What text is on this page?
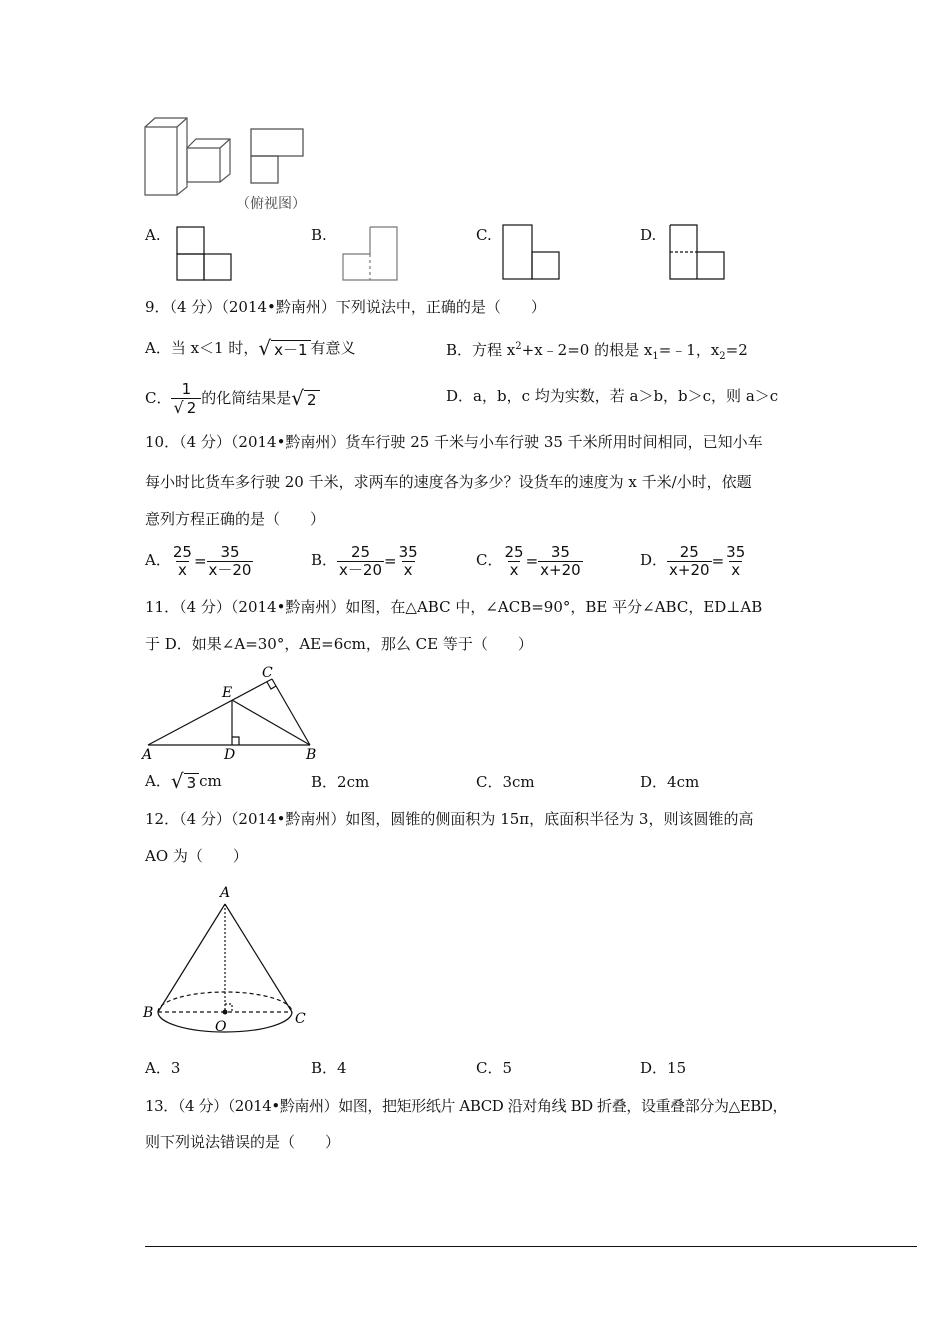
（俯视图）
A.	B.	C.	D.
9．（4 分）（2014•黔南州）下列说法中，正确的是（　　）
A．当 x＜1 时，√ x－1 有意义	B．方程 $x^2+x﹣2=0$ 的根是 $x_1=﹣1$，$x_2=2$
C． $\frac{1}{√ 2}$ 的化简结果是√ 2	D．a，b，c 均为实数，若 a＞b，b＞c，则 a＞c
10．（4 分）（2014•黔南州）货车行驶 25 千米与小车行驶 35 千米所用时间相同，已知小车
每小时比货车多行驶 20 千米，求两车的速度各为多少？设货车的速度为 x 千米/小时，依题
意列方程正确的是（　　）
A． $\frac{25}{x} = \frac{35}{x-20}$	B． $\frac{25}{x-20} = \frac{35}{x}$	C． $\frac{25}{x} = \frac{35}{x+20}$	D． $\frac{25}{x+20} = \frac{35}{x}$
11．（4 分）（2014•黔南州）如图，在△ABC 中，∠ACB=90°，BE 平分∠ABC，ED⊥AB
于 D．如果∠A=30°，AE=6cm，那么 CE 等于（　　）
A	D	B
E
C
A．√ 3 cm	B．2cm	C．3cm	D．4cm
12．（4 分）（2014•黔南州）如图，圆锥的侧面积为 15π，底面积半径为 3，则该圆锥的高
AO 为（　　）
A
B	C
O
A．3	B．4	C．5	D．15
13．（4 分）（2014•黔南州）如图，把矩形纸片 ABCD 沿对角线 BD 折叠，设重叠部分为△EBD，
则下列说法错误的是（　　）
